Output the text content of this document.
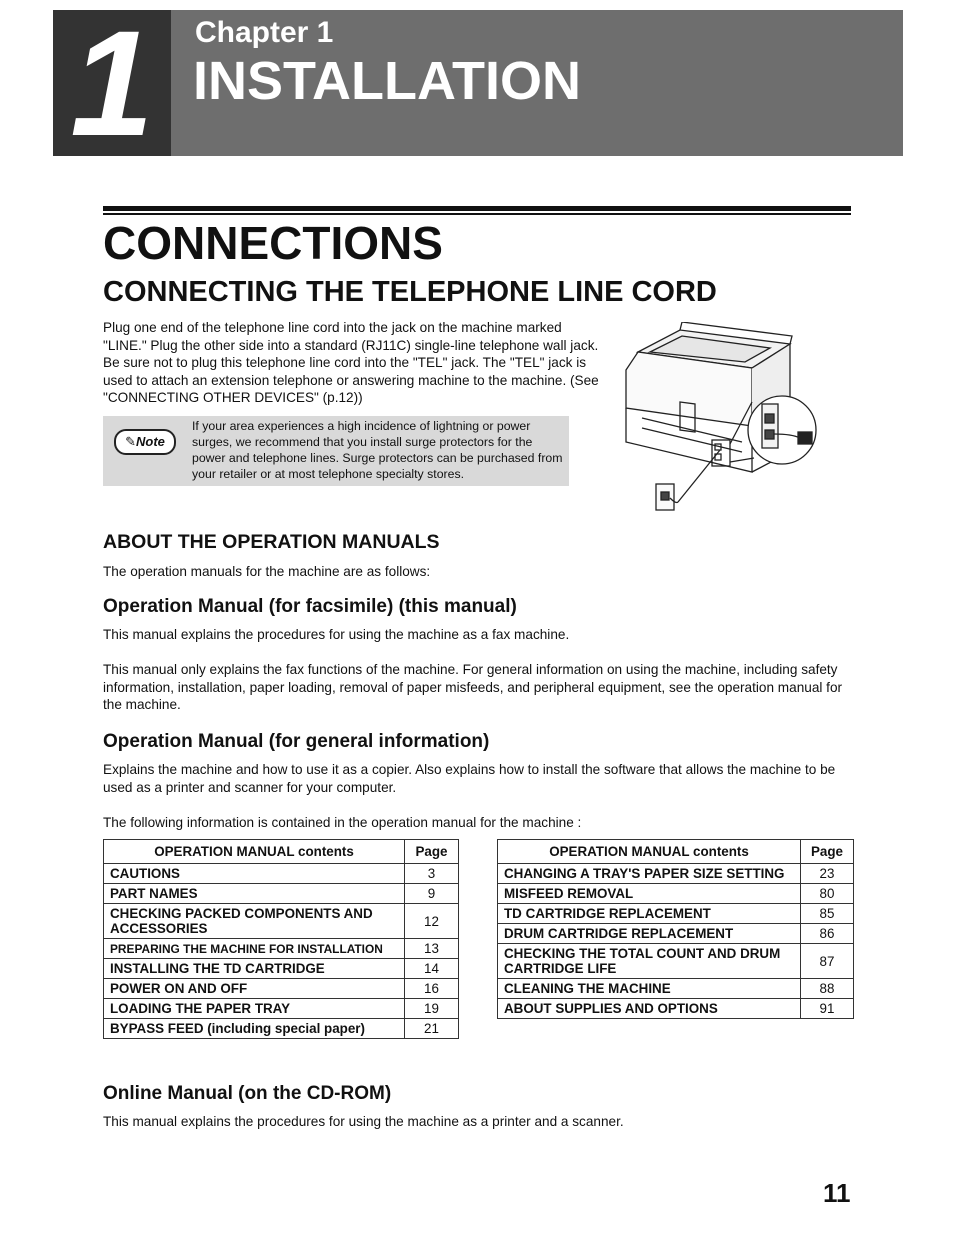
1	Chapter 1
INSTALLATION
CONNECTIONS
CONNECTING THE TELEPHONE LINE CORD

Plug one end of the telephone line cord into the jack on the machine marked "LINE." Plug the other side into a standard (RJ11C) single-line telephone wall jack. Be sure not to plug this telephone line cord into the "TEL" jack. The "TEL" jack is used to attach an extension telephone or answering machine to the machine. (See "CONNECTING OTHER DEVICES" (p.12))

✎Note

If your area experiences a high incidence of lightning or power surges, we recommend that you install surge protectors for the power and telephone lines. Surge protectors can be purchased from your retailer or at most telephone specialty stores.

ABOUT THE OPERATION MANUALS

The operation manuals for the machine are as follows:

Operation Manual (for facsimile) (this manual)

This manual explains the procedures for using the machine as a fax machine.

This manual only explains the fax functions of the machine. For general information on using the machine, including safety information, installation, paper loading, removal of paper misfeeds, and peripheral equipment, see the operation manual for the machine.

Operation Manual (for general information)

Explains the machine and how to use it as a copier. Also explains how to install the software that allows the machine to be used as a printer and scanner for your computer.

The following information is contained in the operation manual for the machine :

OPERATION MANUAL contents	Page
CAUTIONS	3
PART NAMES	9
CHECKING PACKED COMPONENTS AND ACCESSORIES	12
PREPARING THE MACHINE FOR INSTALLATION	13
INSTALLING THE TD CARTRIDGE	14
POWER ON AND OFF	16
LOADING THE PAPER TRAY	19
BYPASS FEED (including special paper)	21
OPERATION MANUAL contents	Page
CHANGING A TRAY'S PAPER SIZE SETTING	23
MISFEED REMOVAL	80
TD CARTRIDGE REPLACEMENT	85
DRUM CARTRIDGE REPLACEMENT	86
CHECKING THE TOTAL COUNT AND DRUM CARTRIDGE LIFE	87
CLEANING THE MACHINE	88
ABOUT SUPPLIES AND OPTIONS	91
Online Manual (on the CD-ROM)

This manual explains the procedures for using the machine as a printer and a scanner.

11
